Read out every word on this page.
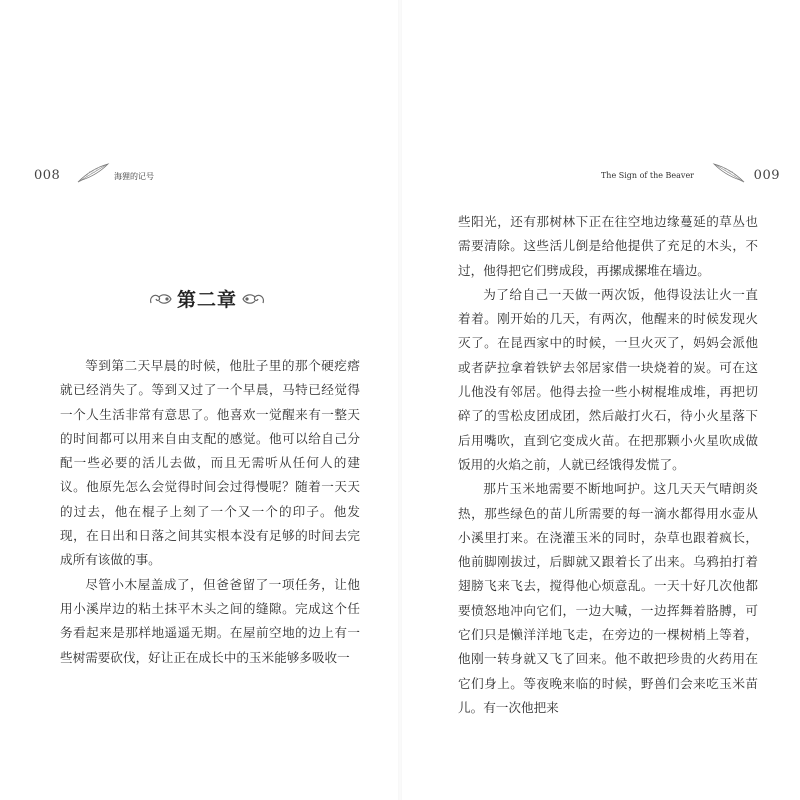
008	海狸的记号	The Sign of the Beaver	009
第二章

等到第二天早晨的时候，他肚子里的那个硬疙瘩就已经消失了。等到又过了一个早晨，马特已经觉得一个人生活非常有意思了。他喜欢一觉醒来有一整天的时间都可以用来自由支配的感觉。他可以给自己分配一些必要的活儿去做，而且无需听从任何人的建议。他原先怎么会觉得时间会过得慢呢？随着一天天的过去，他在棍子上刻了一个又一个的印子。他发现，在日出和日落之间其实根本没有足够的时间去完成所有该做的事。

尽管小木屋盖成了，但爸爸留了一项任务，让他用小溪岸边的粘土抹平木头之间的缝隙。完成这个任务看起来是那样地遥遥无期。在屋前空地的边上有一些树需要砍伐，好让正在成长中的玉米能够多吸收一

些阳光，还有那树林下正在往空地边缘蔓延的草丛也需要清除。这些活儿倒是给他提供了充足的木头，不过，他得把它们劈成段，再摞成摞堆在墙边。

为了给自己一天做一两次饭，他得设法让火一直着着。刚开始的几天，有两次，他醒来的时候发现火灭了。在昆西家中的时候，一旦火灭了，妈妈会派他或者萨拉拿着铁铲去邻居家借一块烧着的炭。可在这儿他没有邻居。他得去捡一些小树棍堆成堆，再把切碎了的雪松皮团成团，然后敲打火石，待小火星落下后用嘴吹，直到它变成火苗。在把那颗小火星吹成做饭用的火焰之前，人就已经饿得发慌了。

那片玉米地需要不断地呵护。这几天天气晴朗炎热，那些绿色的苗儿所需要的每一滴水都得用水壶从小溪里打来。在浇灌玉米的同时，杂草也跟着疯长，他前脚刚拔过，后脚就又跟着长了出来。乌鸦拍打着翅膀飞来飞去，搅得他心烦意乱。一天十好几次他都要愤怒地冲向它们，一边大喊，一边挥舞着胳膊，可它们只是懒洋洋地飞走，在旁边的一棵树梢上等着，他刚一转身就又飞了回来。他不敢把珍贵的火药用在它们身上。等夜晚来临的时候，野兽们会来吃玉米苗儿。有一次他把来
